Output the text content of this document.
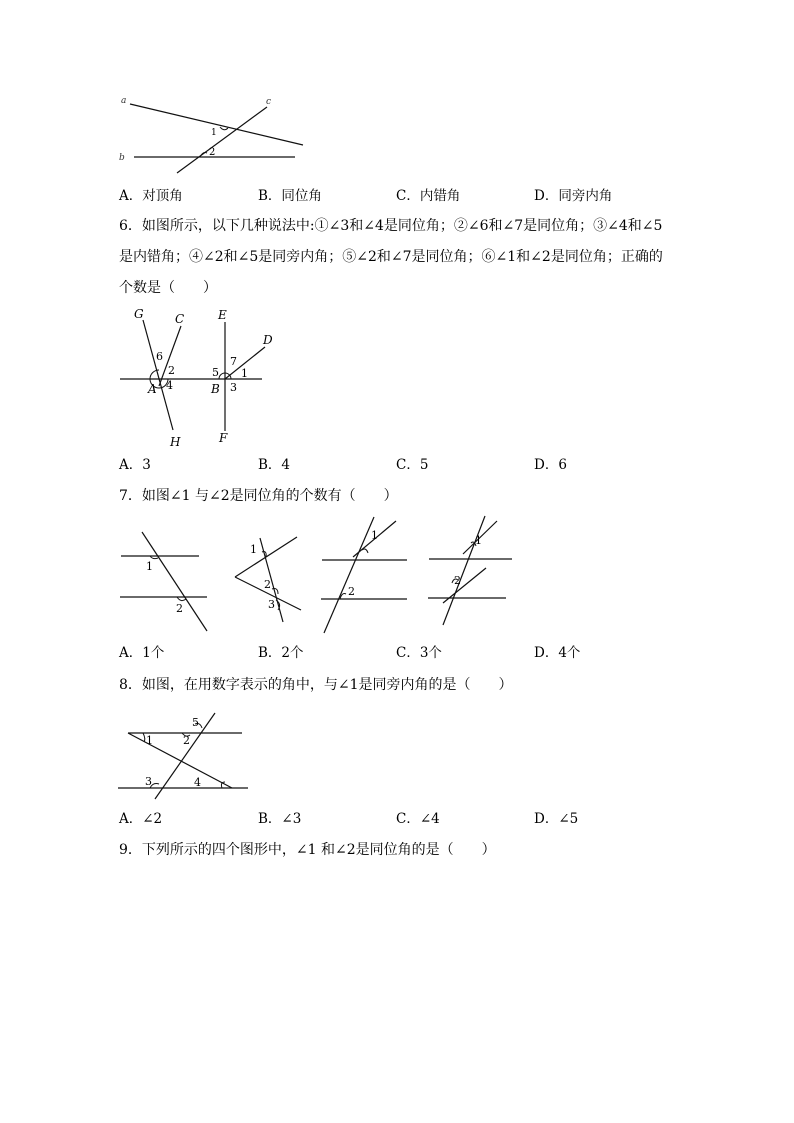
a
b
c
1
2
A．对顶角	B．同位角	C．内错角	D．同旁内角
6．如图所示，以下几种说法中:①∠3和∠4是同位角；②∠6和∠7是同位角；③∠4和∠5
是内错角；④∠2和∠5是同旁内角；⑤∠2和∠7是同位角；⑥∠1和∠2是同位角；正确的
个数是（　　）
G	C	E
D
A	B
H	F
6
2
4
5
7
1
3
A．3	B．4	C．5	D．6
7．如图∠1 与∠2是同位角的个数有（　　）
1
2
1
2
3
1
2
1
2
A．1个	B．2个	C．3个	D．4个
8．如图，在用数字表示的角中，与∠1是同旁内角的是（　　）
1	2
5
3	4
A．∠2	B．∠3	C．∠4	D．∠5
9．下列所示的四个图形中，∠1 和∠2是同位角的是（　　）
